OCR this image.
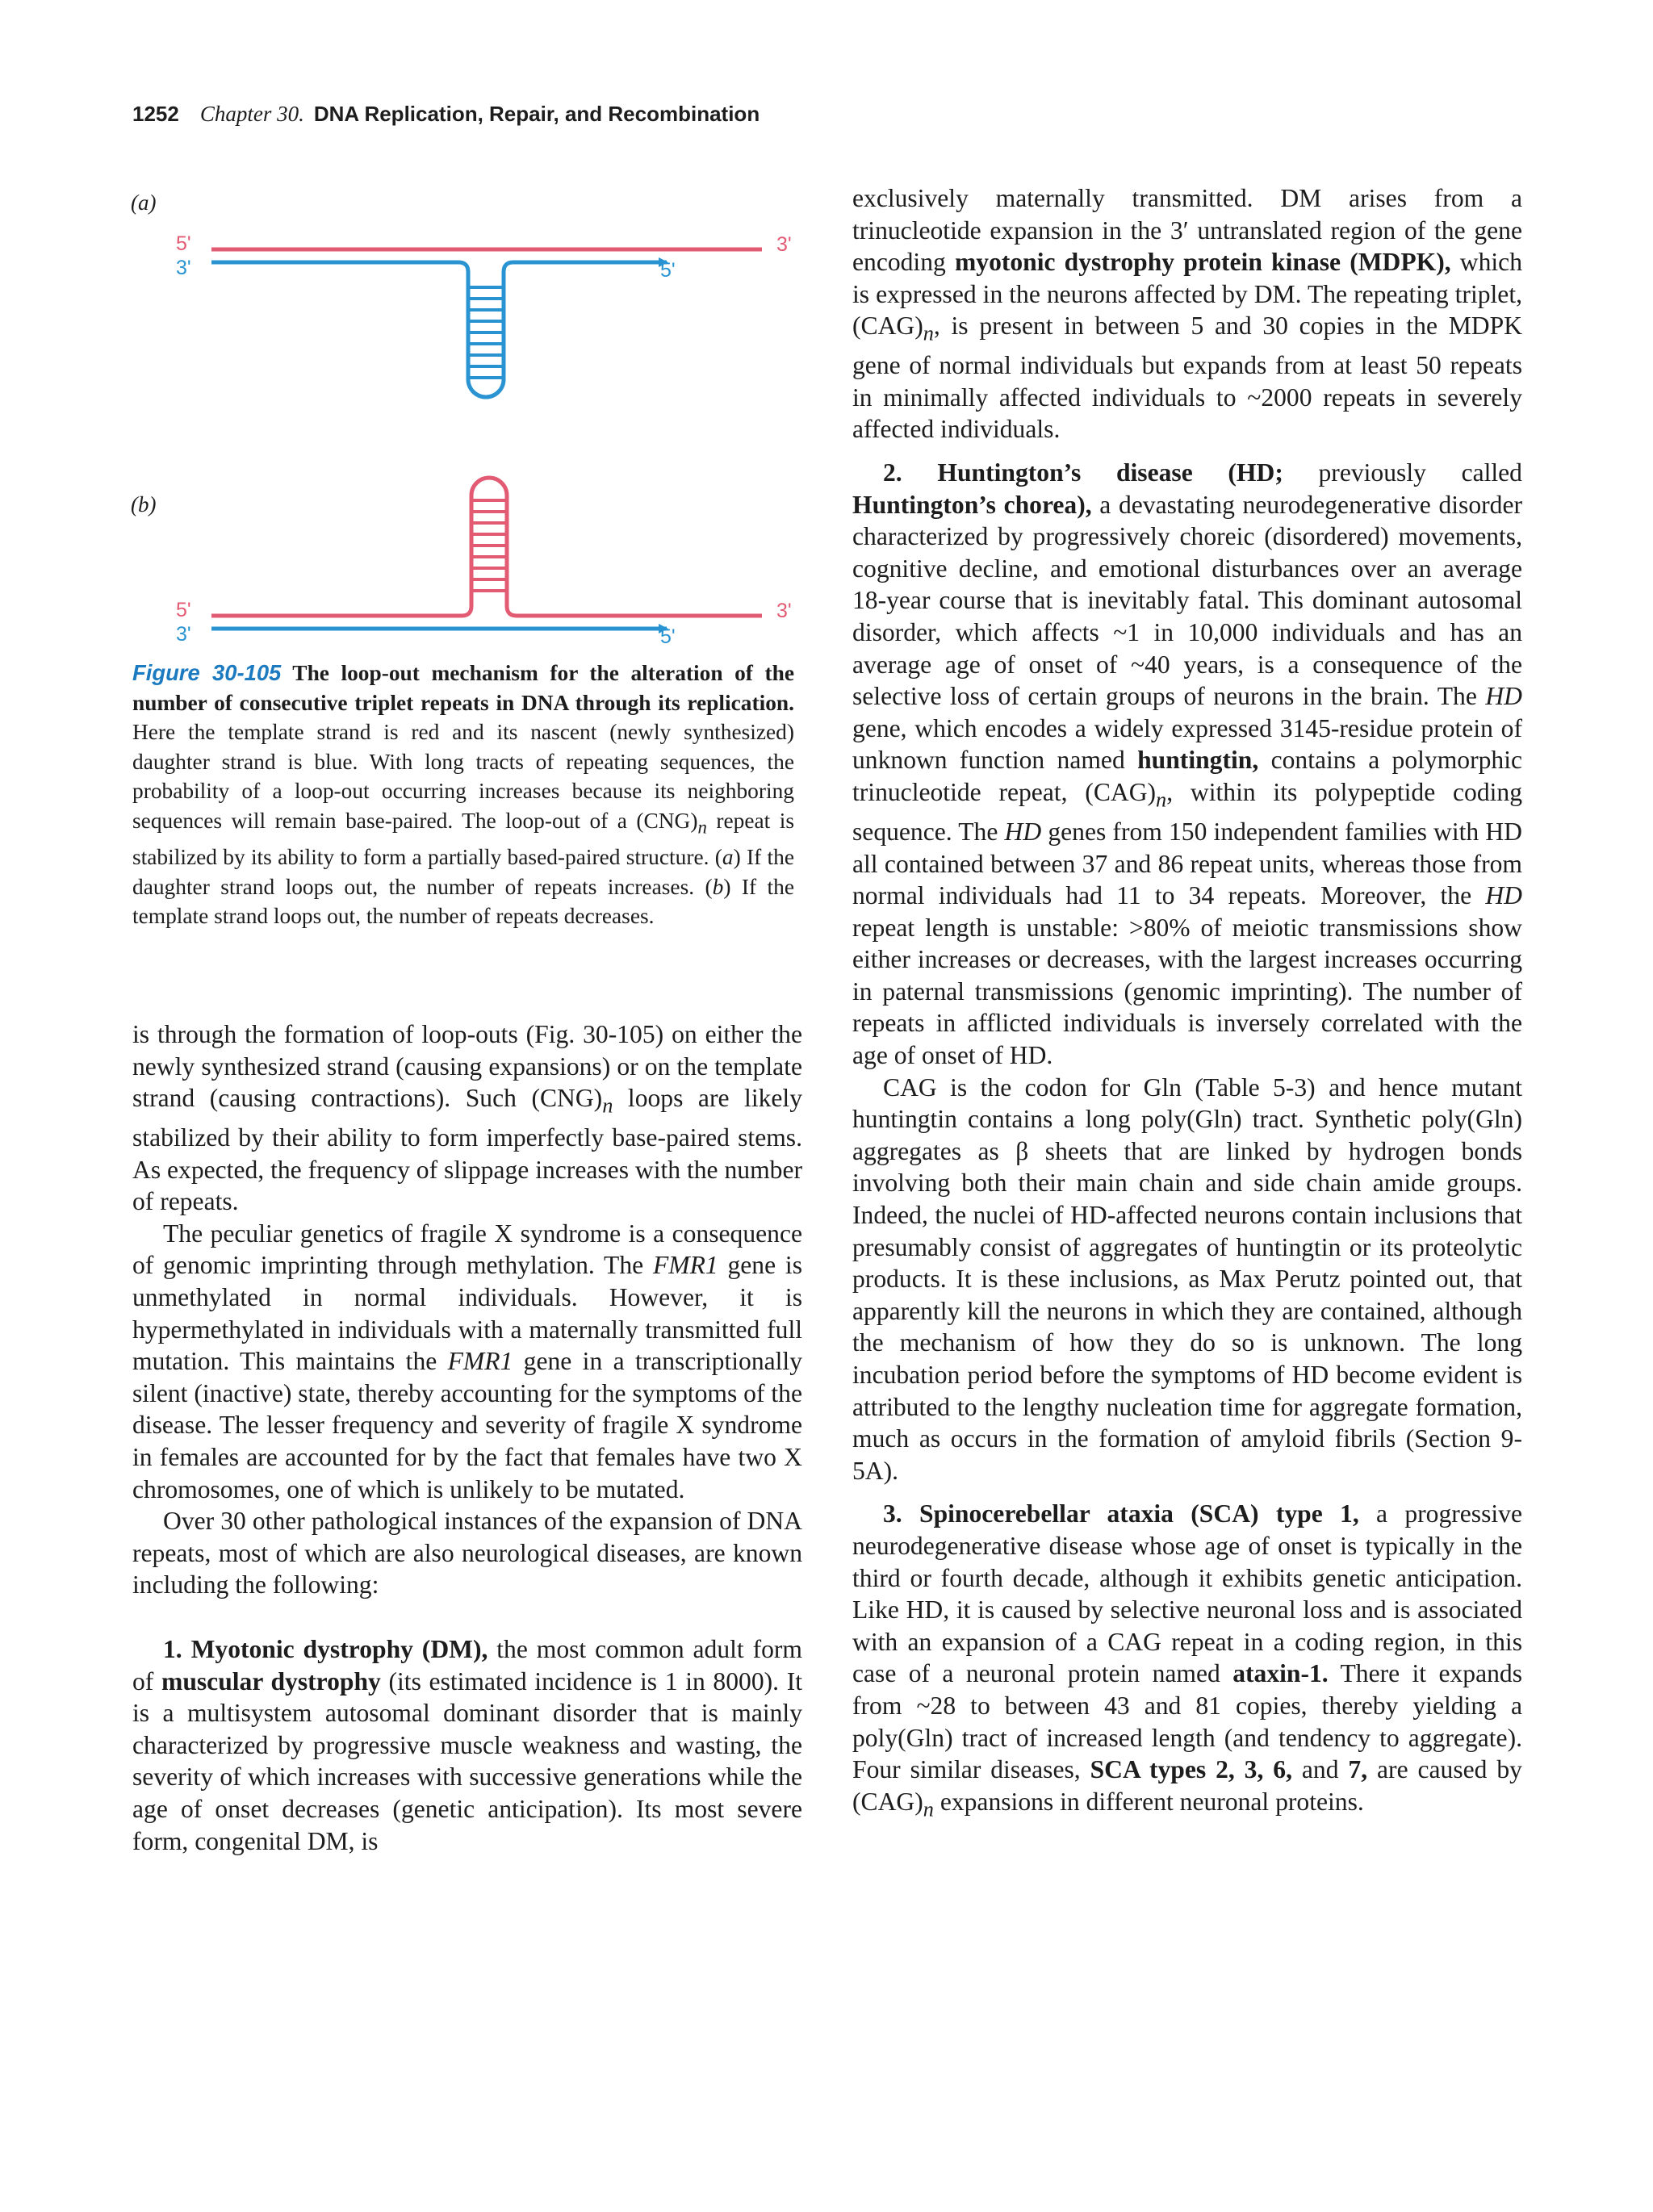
1252 Chapter 30. DNA Replication, Repair, and Recombination
(a)
(b)
5'	3'
3'	5'
5'	3'
3'	5'

Figure 30-105 The loop-out mechanism for the alteration of the number of consecutive triplet repeats in DNA through its replication. Here the template strand is red and its nascent (newly synthesized) daughter strand is blue. With long tracts of repeating sequences, the probability of a loop-out occurring increases because its neighboring sequences will remain base-paired. The loop-out of a $(CNG)_n$ repeat is stabilized by its ability to form a partially based-paired structure. (a) If the daughter strand loops out, the number of repeats increases. (b) If the template strand loops out, the number of repeats decreases.

is through the formation of loop-outs (Fig. 30-105) on either the newly synthesized strand (causing expansions) or on the template strand (causing contractions). Such $(CNG)_n$ loops are likely stabilized by their ability to form imperfectly base-paired stems. As expected, the frequency of slippage increases with the number of repeats.

The peculiar genetics of fragile X syndrome is a consequence of genomic imprinting through methylation. The FMR1 gene is unmethylated in normal individuals. However, it is hypermethylated in individuals with a maternally transmitted full mutation. This maintains the FMR1 gene in a transcriptionally silent (inactive) state, thereby accounting for the symptoms of the disease. The lesser frequency and severity of fragile X syndrome in females are accounted for by the fact that females have two X chromosomes, one of which is unlikely to be mutated.

Over 30 other pathological instances of the expansion of DNA repeats, most of which are also neurological diseases, are known including the following:

1. Myotonic dystrophy (DM), the most common adult form of muscular dystrophy (its estimated incidence is 1 in 8000). It is a multisystem autosomal dominant disorder that is mainly characterized by progressive muscle weakness and wasting, the severity of which increases with successive generations while the age of onset decreases (genetic anticipation). Its most severe form, congenital DM, is

exclusively maternally transmitted. DM arises from a trinucleotide expansion in the 3′ untranslated region of the gene encoding myotonic dystrophy protein kinase (MDPK), which is expressed in the neurons affected by DM. The repeating triplet, $(CAG)_n$, is present in between 5 and 30 copies in the MDPK gene of normal individuals but expands from at least 50 repeats in minimally affected individuals to ~2000 repeats in severely affected individuals.

2. Huntington’s disease (HD; previously called Huntington’s chorea), a devastating neurodegenerative disorder characterized by progressively choreic (disordered) movements, cognitive decline, and emotional disturbances over an average 18-year course that is inevitably fatal. This dominant autosomal disorder, which affects ~1 in 10,000 individuals and has an average age of onset of ~40 years, is a consequence of the selective loss of certain groups of neurons in the brain. The HD gene, which encodes a widely expressed 3145-residue protein of unknown function named huntingtin, contains a polymorphic trinucleotide repeat, $(CAG)_n$, within its polypeptide coding sequence. The HD genes from 150 independent families with HD all contained between 37 and 86 repeat units, whereas those from normal individuals had 11 to 34 repeats. Moreover, the HD repeat length is unstable: >80% of meiotic transmissions show either increases or decreases, with the largest increases occurring in paternal transmissions (genomic imprinting). The number of repeats in afflicted individuals is inversely correlated with the age of onset of HD.

CAG is the codon for Gln (Table 5-3) and hence mutant huntingtin contains a long poly(Gln) tract. Synthetic poly(Gln) aggregates as β sheets that are linked by hydrogen bonds involving both their main chain and side chain amide groups. Indeed, the nuclei of HD-affected neurons contain inclusions that presumably consist of aggregates of huntingtin or its proteolytic products. It is these inclusions, as Max Perutz pointed out, that apparently kill the neurons in which they are contained, although the mechanism of how they do so is unknown. The long incubation period before the symptoms of HD become evident is attributed to the lengthy nucleation time for aggregate formation, much as occurs in the formation of amyloid fibrils (Section 9-5A).

3. Spinocerebellar ataxia (SCA) type 1, a progressive neurodegenerative disease whose age of onset is typically in the third or fourth decade, although it exhibits genetic anticipation. Like HD, it is caused by selective neuronal loss and is associated with an expansion of a CAG repeat in a coding region, in this case of a neuronal protein named ataxin-1. There it expands from ~28 to between 43 and 81 copies, thereby yielding a poly(Gln) tract of increased length (and tendency to aggregate). Four similar diseases, SCA types 2, 3, 6, and 7, are caused by $(CAG)_n$ expansions in different neuronal proteins.
